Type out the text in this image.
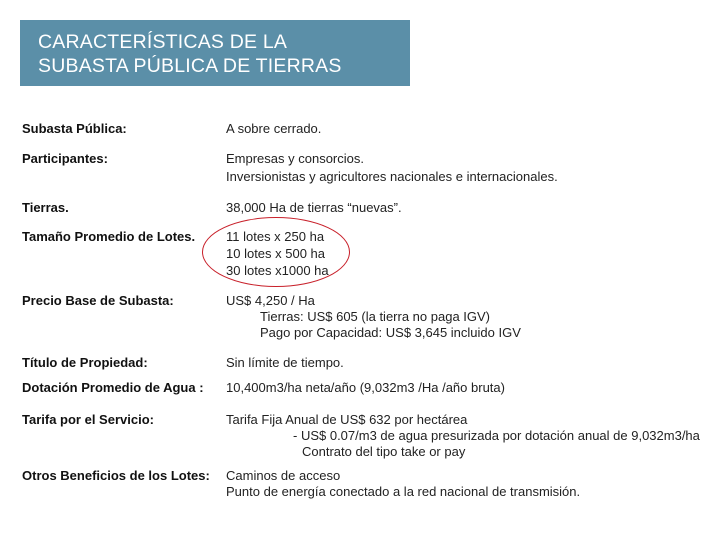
CARACTERÍSTICAS DE LA
SUBASTA PÚBLICA DE TIERRAS
Subasta Pública:	A sobre cerrado.
Participantes:	Empresas y consorcios.
Inversionistas y agricultores nacionales e internacionales.
Tierras.	38,000 Ha de tierras “nuevas”.
Tamaño Promedio de Lotes. 11 lotes x 250 ha
10 lotes x 500 ha
30 lotes x1000 ha
Precio Base de Subasta:	US$ 4,250 / Ha
Tierras: US$ 605 (la tierra no paga IGV)
Pago por Capacidad: US$ 3,645 incluido IGV
Título de Propiedad:	Sin límite de tiempo.
Dotación Promedio de Agua : 10,400m3/ha neta/año (9,032m3 /Ha /año bruta)
Tarifa por el Servicio:	Tarifa Fija Anual de US$ 632 por hectárea
- US$ 0.07/m3 de agua presurizada por dotación anual de 9,032m3/ha
Contrato del tipo take or pay
Otros Beneficios de los Lotes: Caminos de acceso
Punto de energía conectado a la red nacional de transmisión.
